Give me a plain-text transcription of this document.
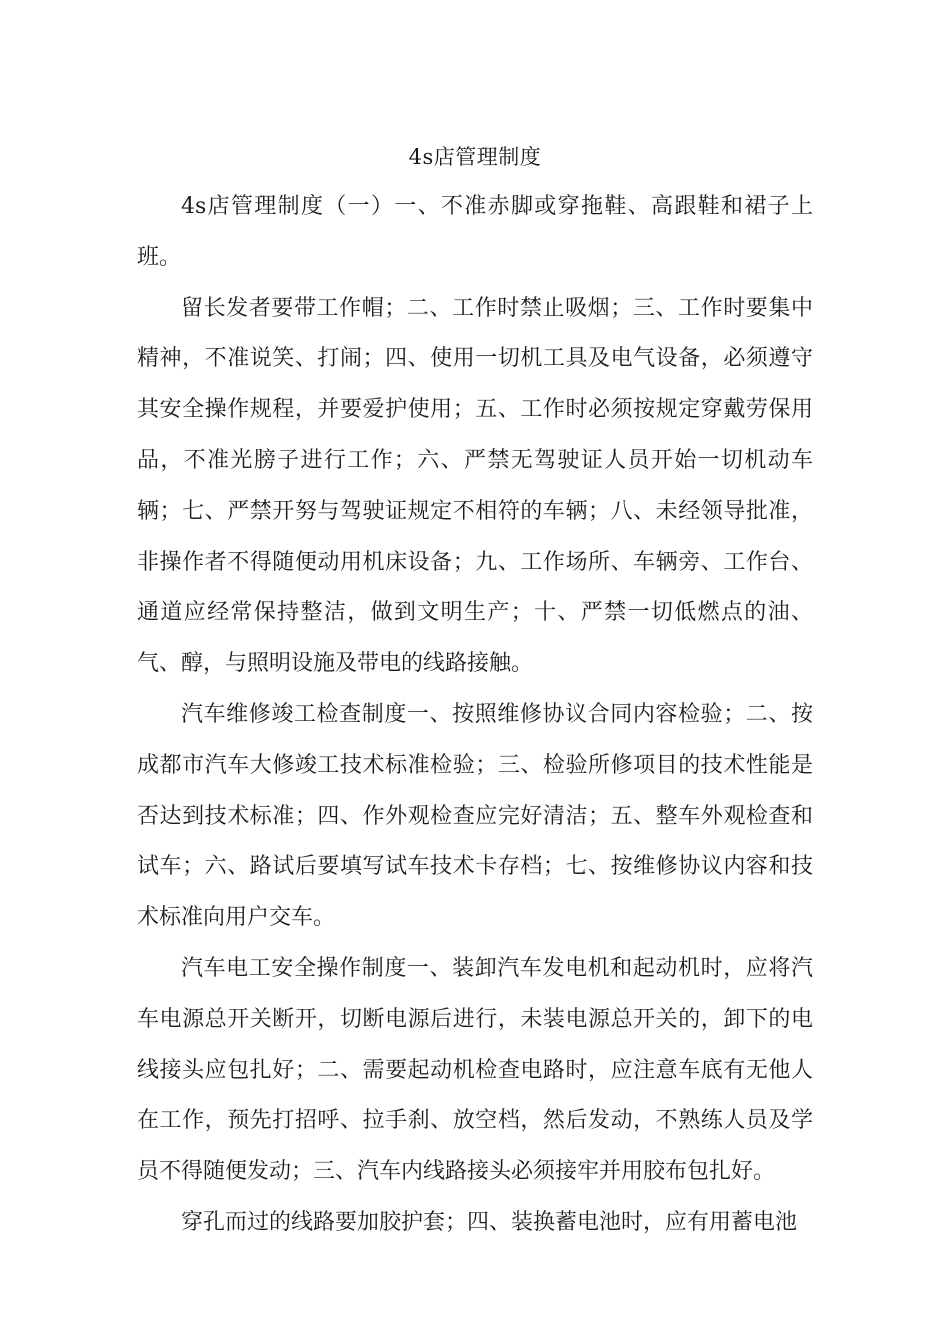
4s店管理制度

4s店管理制度（一）一、不准赤脚或穿拖鞋、高跟鞋和裙子上班。

留长发者要带工作帽；二、工作时禁止吸烟；三、工作时要集中精神，不准说笑、打闹；四、使用一切机工具及电气设备，必须遵守其安全操作规程，并要爱护使用；五、工作时必须按规定穿戴劳保用品，不准光膀子进行工作；六、严禁无驾驶证人员开始一切机动车辆；七、严禁开努与驾驶证规定不相符的车辆；八、未经领导批准，非操作者不得随便动用机床设备；九、工作场所、车辆旁、工作台、通道应经常保持整洁，做到文明生产；十、严禁一切低燃点的油、气、醇，与照明设施及带电的线路接触。

汽车维修竣工检查制度一、按照维修协议合同内容检验；二、按成都市汽车大修竣工技术标准检验；三、检验所修项目的技术性能是否达到技术标准；四、作外观检查应完好清洁；五、整车外观检查和试车；六、路试后要填写试车技术卡存档；七、按维修协议内容和技术标准向用户交车。

汽车电工安全操作制度一、装卸汽车发电机和起动机时，应将汽车电源总开关断开，切断电源后进行，未装电源总开关的，卸下的电线接头应包扎好；二、需要起动机检查电路时，应注意车底有无他人在工作，预先打招呼、拉手刹、放空档，然后发动，不熟练人员及学员不得随便发动；三、汽车内线路接头必须接牢并用胶布包扎好。

穿孔而过的线路要加胶护套；四、装换蓄电池时，应有用蓄电池
